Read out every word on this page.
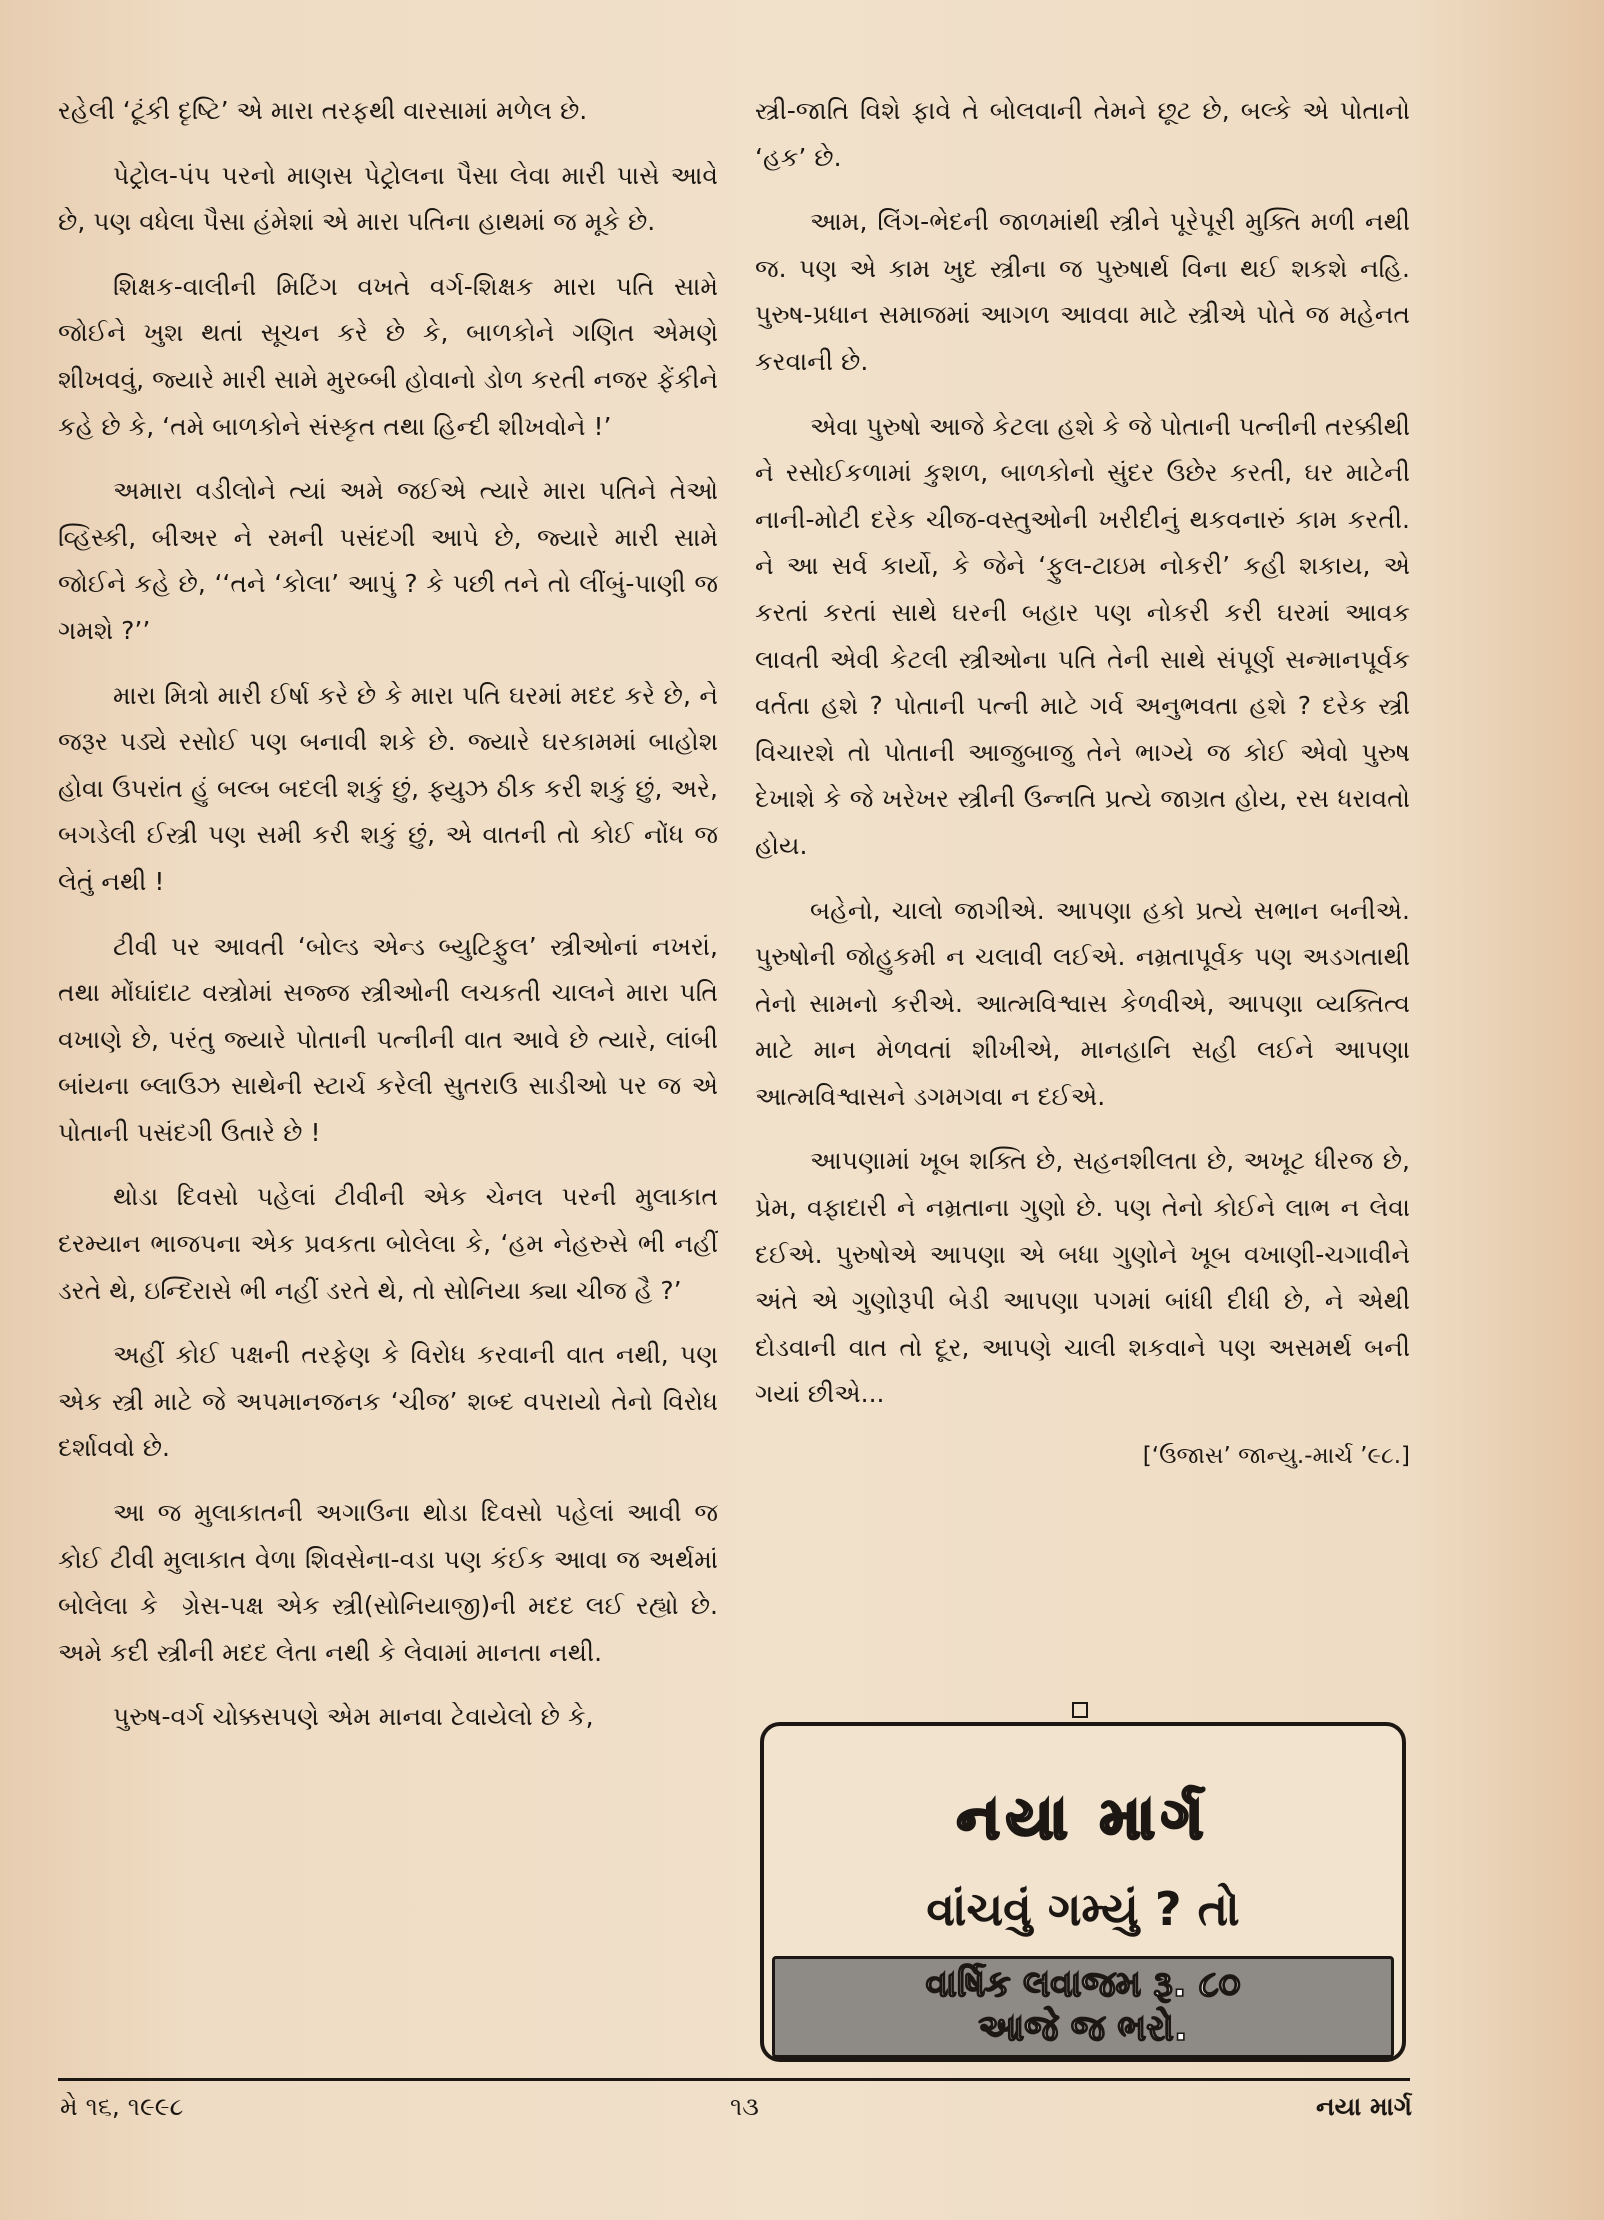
રહેલી ‘ટૂંકી દૃષ્ટિ’ એ મારા તરફથી વારસામાં મળેલ છે.

પેટ્રોલ-પંપ પરનો માણસ પેટ્રોલના પૈસા લેવા મારી પાસે આવે છે, પણ વધેલા પૈસા હંમેશાં એ મારા પતિના હાથમાં જ મૂકે છે.

શિક્ષક-વાલીની મિટિંગ વખતે વર્ગ-શિક્ષક મારા પતિ સામે જોઈને ખુશ થતાં સૂચન કરે છે કે, બાળકોને ગણિત એમણે શીખવવું, જ્યારે મારી સામે મુરબ્બી હોવાનો ડોળ કરતી નજર ફેંકીને કહે છે કે, ‘તમે બાળકોને સંસ્કૃત તથા હિન્દી શીખવોને !’

અમારા વડીલોને ત્યાં અમે જઈએ ત્યારે મારા પતિને તેઓ વ્હિસ્કી, બીઅર ને રમની પસંદગી આપે છે, જ્યારે મારી સામે જોઈને કહે છે, ‘‘તને ‘કોલા’ આપું ? કે પછી તને તો લીંબું-પાણી જ ગમશે ?’’

મારા મિત્રો મારી ઈર્ષા કરે છે કે મારા પતિ ઘરમાં મદદ કરે છે, ને જરૂર પડ્યે રસોઈ પણ બનાવી શકે છે. જ્યારે ઘરકામમાં બાહોશ હોવા ઉપરાંત હું બલ્બ બદલી શકું છું, ફ્યુઝ ઠીક કરી શકું છું, અરે, બગડેલી ઈસ્ત્રી પણ સમી કરી શકું છું, એ વાતની તો કોઈ નોંધ જ લેતું નથી !

ટીવી પર આવતી ‘બોલ્ડ એન્ડ બ્યુટિફુલ’ સ્ત્રીઓનાં નખરાં, તથા મોંઘાંદાટ વસ્ત્રોમાં સજ્જ સ્ત્રીઓની લચકતી ચાલને મારા પતિ વખાણે છે, પરંતુ જ્યારે પોતાની પત્નીની વાત આવે છે ત્યારે, લાંબી બાંયના બ્લાઉઝ સાથેની સ્ટાર્ચ કરેલી સુતરાઉ સાડીઓ પર જ એ પોતાની પસંદગી ઉતારે છે !

થોડા દિવસો પહેલાં ટીવીની એક ચેનલ પરની મુલાકાત દરમ્યાન ભાજપના એક પ્રવકતા બોલેલા કે, ‘હમ નેહરુસે ભી નહીં ડરતે થે, ઇન્દિરાસે ભી નહીં ડરતે થે, તો સોનિયા ક્યા ચીજ હૈ ?’

અહીં કોઈ પક્ષની તરફેણ કે વિરોધ કરવાની વાત નથી, પણ એક સ્ત્રી માટે જે અપમાનજનક ‘ચીજ’ શબ્દ વપરાયો તેનો વિરોધ દર્શાવવો છે.

આ જ મુલાકાતની અગાઉના થોડા દિવસો પહેલાં આવી જ કોઈ ટીવી મુલાકાત વેળા શિવસેના-વડા પણ કંઈક આવા જ અર્થમાં બોલેલા કે ‌ ગ્રેસ-પક્ષ એક સ્ત્રી(સોનિયાજી)ની મદદ લઈ રહ્યો છે. અમે કદી સ્ત્રીની મદદ લેતા નથી કે લેવામાં માનતા નથી.

પુરુષ-વર્ગ ચોક્કસપણે એમ માનવા ટેવાયેલો છે કે,

સ્ત્રી-જાતિ વિશે ફાવે તે બોલવાની તેમને છૂટ છે, બલ્કે એ પોતાનો ‘હક’ છે.

આમ, લિંગ-ભેદની જાળમાંથી સ્ત્રીને પૂરેપૂરી મુક્તિ મળી નથી જ. પણ એ કામ ખુદ સ્ત્રીના જ પુરુષાર્થ વિના થઈ શકશે નહિ. પુરુષ-પ્રધાન સમાજમાં આગળ આવવા માટે સ્ત્રીએ પોતે જ મહેનત કરવાની છે.

એવા પુરુષો આજે કેટલા હશે કે જે પોતાની પત્નીની તરક્કીથી ને રસોઈકળામાં કુશળ, બાળકોનો સુંદર ઉછેર કરતી, ઘર માટેની નાની-મોટી દરેક ચીજ-વસ્તુઓની ખરીદીનું થકવનારું કામ કરતી. ને આ સર્વ કાર્યો, કે જેને ‘ફુલ-ટાઇમ નોકરી’ કહી શકાય, એ કરતાં કરતાં સાથે ઘરની બહાર પણ નોકરી કરી ઘરમાં આવક લાવતી એવી કેટલી સ્ત્રીઓના પતિ તેની સાથે સંપૂર્ણ સન્માનપૂર્વક વર્તતા હશે ? પોતાની પત્ની માટે ગર્વ અનુભવતા હશે ? દરેક સ્ત્રી વિચારશે તો પોતાની આજુબાજુ તેને ભાગ્યે જ કોઈ એવો પુરુષ દેખાશે કે જે ખરેખર સ્ત્રીની ઉન્નતિ પ્રત્યે જાગ્રત હોય, રસ ધરાવતો હોય.

બહેનો, ચાલો જાગીએ. આપણા હકો પ્રત્યે સભાન બનીએ. પુરુષોની જોહુકમી ન ચલાવી લઈએ. નમ્રતાપૂર્વક પણ અડગતાથી તેનો સામનો કરીએ. આત્મવિશ્વાસ કેળવીએ, આપણા વ્યક્તિત્વ માટે માન મેળવતાં શીખીએ, માનહાનિ સહી લઈને આપણા આત્મવિશ્વાસને ડગમગવા ન દઈએ.

આપણામાં ખૂબ શક્તિ છે, સહનશીલતા છે, અખૂટ ધીરજ છે, પ્રેમ, વફાદારી ને નમ્રતાના ગુણો છે. પણ તેનો કોઈને લાભ ન લેવા દઈએ. પુરુષોએ આપણા એ બધા ગુણોને ખૂબ વખાણી-ચગાવીને અંતે એ ગુણોરૂપી બેડી આપણા પગમાં બાંધી દીધી છે, ને એથી દોડવાની વાત તો દૂર, આપણે ચાલી શકવાને પણ અસમર્થ બની ગયાં છીએ...

[‘ઉજાસ’ જાન્યુ.-માર્ચ ’૯૮.]

નયા માર્ગ
વાંચવું ગમ્યું ? તો
વાર્ષિક લવાજમ રૂ. ૮૦
આજે જ ભરો.
મે ૧૬, ૧૯૯૮	૧૩	નયા માર્ગ
